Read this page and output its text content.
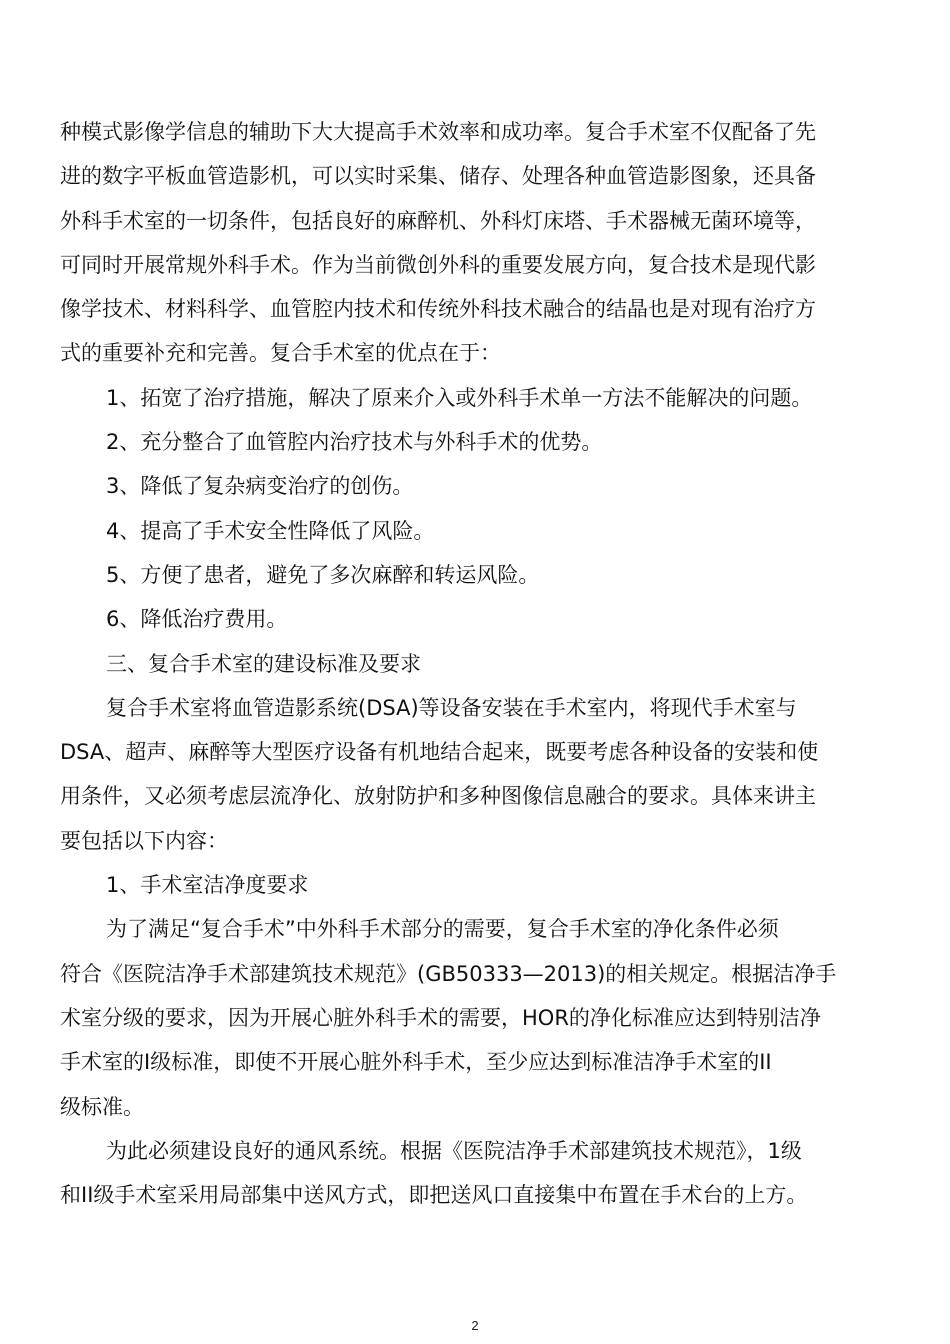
种模式影像学信息的辅助下大大提高手术效率和成功率。复合手术室不仅配备了先
进的数字平板血管造影机，可以实时采集、储存、处理各种血管造影图象，还具备
外科手术室的一切条件，包括良好的麻醉机、外科灯床塔、手术器械无菌环境等，
可同时开展常规外科手术。作为当前微创外科的重要发展方向，复合技术是现代影
像学技术、材料科学、血管腔内技术和传统外科技术融合的结晶也是对现有治疗方
式的重要补充和完善。复合手术室的优点在于：
1、拓宽了治疗措施，解决了原来介入或外科手术单一方法不能解决的问题。
2、充分整合了血管腔内治疗技术与外科手术的优势。
3、降低了复杂病变治疗的创伤。
4、提高了手术安全性降低了风险。
5、方便了患者，避免了多次麻醉和转运风险。
6、降低治疗费用。
三、复合手术室的建设标准及要求
复合手术室将血管造影系统(DSA)等设备安装在手术室内，将现代手术室与
DSA、超声、麻醉等大型医疗设备有机地结合起来，既要考虑各种设备的安装和使
用条件，又必须考虑层流净化、放射防护和多种图像信息融合的要求。具体来讲主
要包括以下内容：
1、手术室洁净度要求
为了满足“复合手术”中外科手术部分的需要，复合手术室的净化条件必须
符合《医院洁净手术部建筑技术规范》(GB50333—2013)的相关规定。根据洁净手
术室分级的要求，因为开展心脏外科手术的需要，HOR的净化标准应达到特别洁净
手术室的I级标准，即使不开展心脏外科手术，至少应达到标准洁净手术室的II
级标准。
为此必须建设良好的通风系统。根据《医院洁净手术部建筑技术规范》，1级
和II级手术室采用局部集中送风方式，即把送风口直接集中布置在手术台的上方。
2
